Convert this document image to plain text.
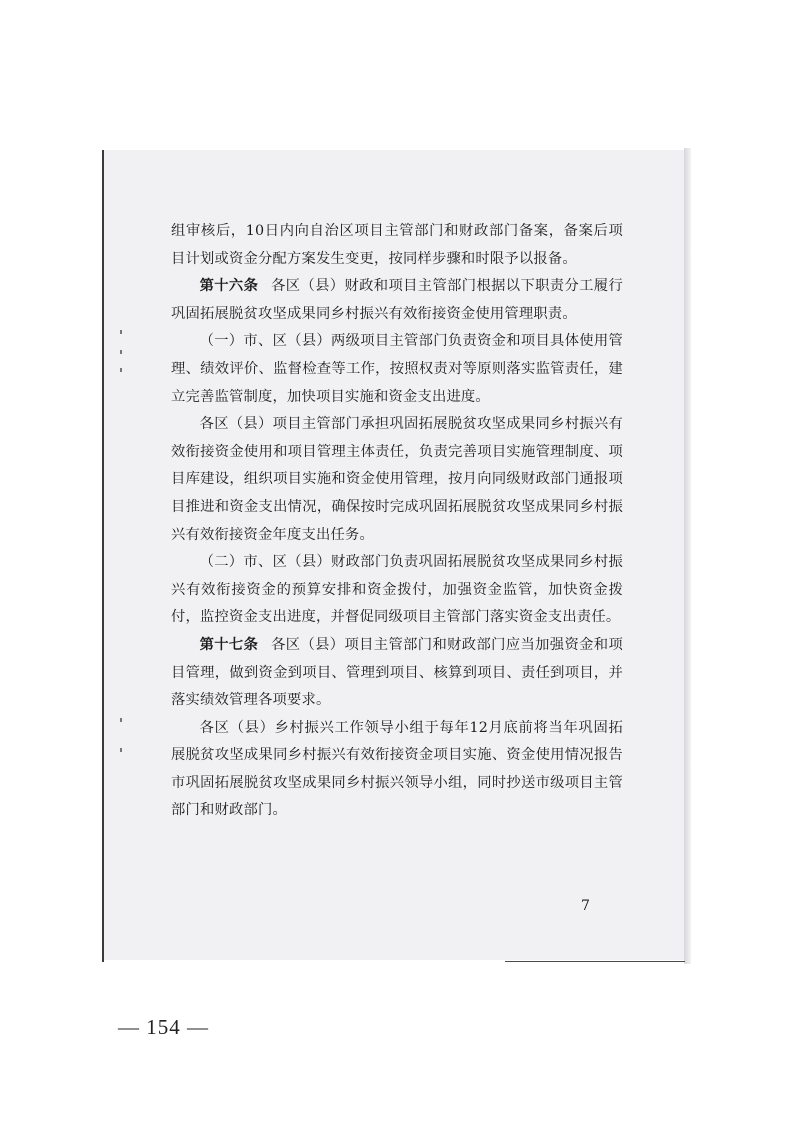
组审核后，10日内向自治区项目主管部门和财政部门备案，备案后项目计划或资金分配方案发生变更，按同样步骤和时限予以报备。

第十六条 各区（县）财政和项目主管部门根据以下职责分工履行巩固拓展脱贫攻坚成果同乡村振兴有效衔接资金使用管理职责。

（一）市、区（县）两级项目主管部门负责资金和项目具体使用管理、绩效评价、监督检查等工作，按照权责对等原则落实监管责任，建立完善监管制度，加快项目实施和资金支出进度。

各区（县）项目主管部门承担巩固拓展脱贫攻坚成果同乡村振兴有效衔接资金使用和项目管理主体责任，负责完善项目实施管理制度、项目库建设，组织项目实施和资金使用管理，按月向同级财政部门通报项目推进和资金支出情况，确保按时完成巩固拓展脱贫攻坚成果同乡村振兴有效衔接资金年度支出任务。

（二）市、区（县）财政部门负责巩固拓展脱贫攻坚成果同乡村振兴有效衔接资金的预算安排和资金拨付，加强资金监管，加快资金拨付，监控资金支出进度，并督促同级项目主管部门落实资金支出责任。

第十七条 各区（县）项目主管部门和财政部门应当加强资金和项目管理，做到资金到项目、管理到项目、核算到项目、责任到项目，并落实绩效管理各项要求。

各区（县）乡村振兴工作领导小组于每年12月底前将当年巩固拓展脱贫攻坚成果同乡村振兴有效衔接资金项目实施、资金使用情况报告市巩固拓展脱贫攻坚成果同乡村振兴领导小组，同时抄送市级项目主管部门和财政部门。

7
— 154 —
